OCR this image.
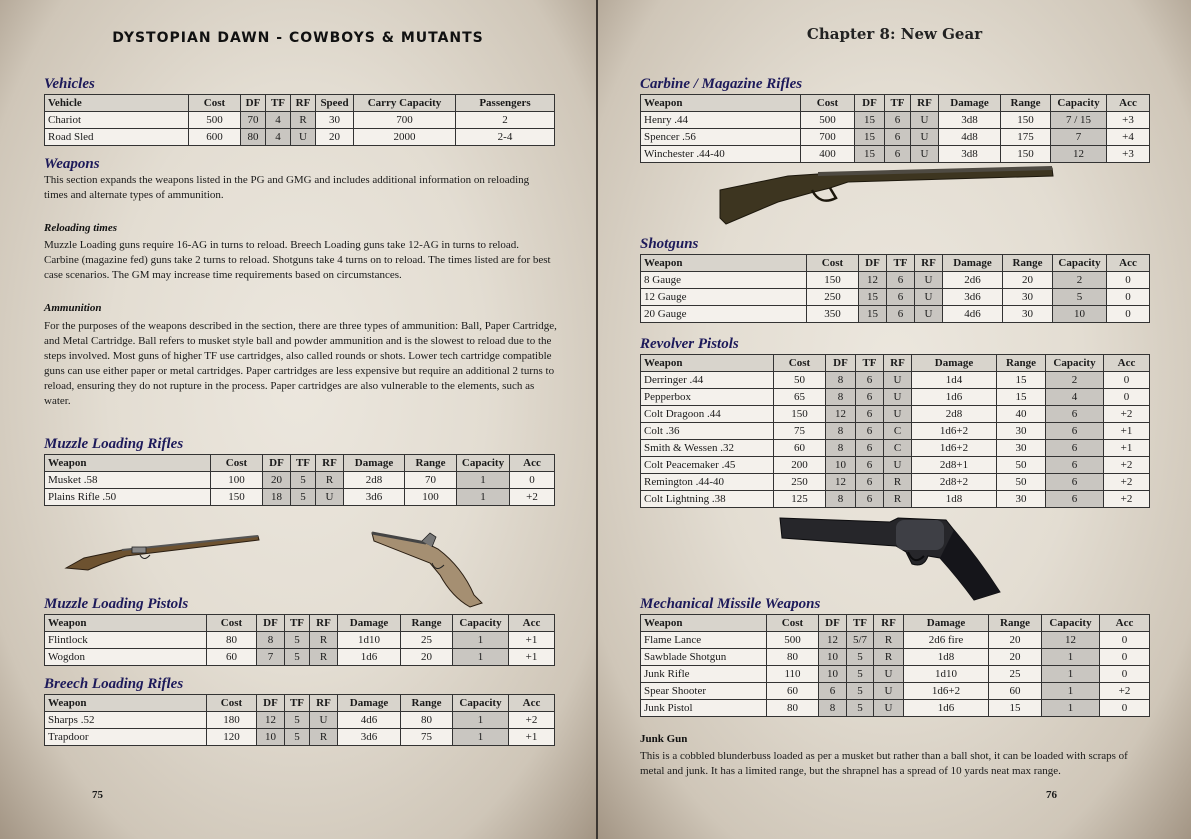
DYSTOPIAN DAWN - COWBOYS & MUTANTS
Vehicles
Vehicle	Cost	DF	TF	RF	Speed	Carry Capacity	Passengers
Chariot	500	70	4	R	30	700	2
Road Sled	600	80	4	U	20	2000	2-4
Weapons
This section expands the weapons listed in the PG and GMG and includes additional information on reloading times and alternate types of ammunition.
Reloading times
Muzzle Loading guns require 16-AG in turns to reload. Breech Loading guns take 12-AG in turns to reload. Carbine (magazine fed) guns take 2 turns to reload. Shotguns take 4 turns on to reload. The times listed are for best case scenarios. The GM may increase time requirements based on circumstances.
Ammunition
For the purposes of the weapons described in the section, there are three types of ammunition: Ball, Paper Cartridge, and Metal Cartridge. Ball refers to musket style ball and powder ammunition and is the slowest to reload due to the steps involved. Most guns of higher TF use cartridges, also called rounds or shots. Lower tech cartridge compatible guns can use either paper or metal cartridges. Paper cartridges are less expensive but require an additional 2 turns to reload, ensuring they do not rupture in the process. Paper cartridges are also vulnerable to the elements, such as water.
Muzzle Loading Rifles
Weapon	Cost	DF	TF	RF	Damage	Range	Capacity	Acc
Musket .58	100	20	5	R	2d8	70	1	0
Plains Rifle .50	150	18	5	U	3d6	100	1	+2
Muzzle Loading Pistols
Weapon	Cost	DF	TF	RF	Damage	Range	Capacity	Acc
Flintlock	80	8	5	R	1d10	25	1	+1
Wogdon	60	7	5	R	1d6	20	1	+1
Breech Loading Rifles
Weapon	Cost	DF	TF	RF	Damage	Range	Capacity	Acc
Sharps .52	180	12	5	U	4d6	80	1	+2
Trapdoor	120	10	5	R	3d6	75	1	+1
75
Chapter 8: New Gear
Carbine / Magazine Rifles
Weapon	Cost	DF	TF	RF	Damage	Range	Capacity	Acc
Henry .44	500	15	6	U	3d8	150	7 / 15	+3
Spencer .56	700	15	6	U	4d8	175	7	+4
Winchester .44-40	400	15	6	U	3d8	150	12	+3
Shotguns
Weapon	Cost	DF	TF	RF	Damage	Range	Capacity	Acc
8 Gauge	150	12	6	U	2d6	20	2	0
12 Gauge	250	15	6	U	3d6	30	5	0
20 Gauge	350	15	6	U	4d6	30	10	0
Revolver Pistols
Weapon	Cost	DF	TF	RF	Damage	Range	Capacity	Acc
Derringer .44	50	8	6	U	1d4	15	2	0
Pepperbox	65	8	6	U	1d6	15	4	0
Colt Dragoon .44	150	12	6	U	2d8	40	6	+2
Colt .36	75	8	6	C	1d6+2	30	6	+1
Smith & Wessen .32	60	8	6	C	1d6+2	30	6	+1
Colt Peacemaker .45	200	10	6	U	2d8+1	50	6	+2
Remington .44-40	250	12	6	R	2d8+2	50	6	+2
Colt Lightning .38	125	8	6	R	1d8	30	6	+2
Mechanical Missile Weapons
Weapon	Cost	DF	TF	RF	Damage	Range	Capacity	Acc
Flame Lance	500	12	5/7	R	2d6 fire	20	12	0
Sawblade Shotgun	80	10	5	R	1d8	20	1	0
Junk Rifle	110	10	5	U	1d10	25	1	0
Spear Shooter	60	6	5	U	1d6+2	60	1	+2
Junk Pistol	80	8	5	U	1d6	15	1	0
Junk Gun
This is a cobbled blunderbuss loaded as per a musket but rather than a ball shot, it can be loaded with scraps of metal and junk. It has a limited range, but the shrapnel has a spread of 10 yards neat max range.
76
